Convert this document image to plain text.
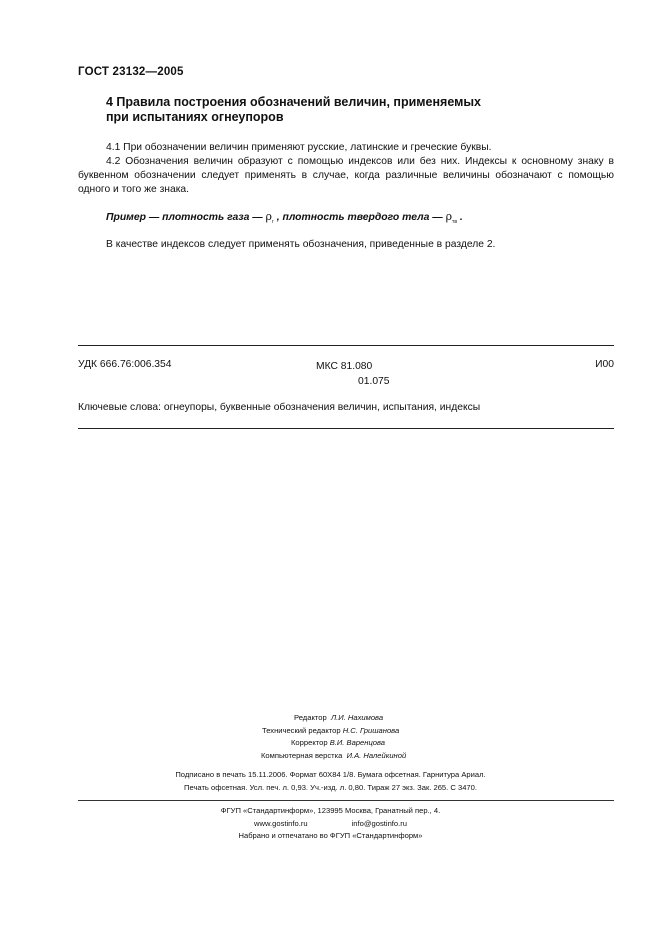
ГОСТ 23132—2005
4 Правила построения обозначений величин, применяемых
при испытаниях огнеупоров
4.1 При обозначении величин применяют русские, латинские и греческие буквы.
4.2 Обозначения величин образуют с помощью индексов или без них. Индексы к основному знаку в буквенном обозначении следует применять в случае, когда различные величины обозначают с помощью одного и того же знака.
Пример — плотность газа — $\rho_г$ , плотность твердого тела — $\rho_{тв}$ .
В качестве индексов следует применять обозначения, приведенные в разделе 2.
УДК 666.76:006.354	МКС 81.080
01.075
И00
Ключевые слова: огнеупоры, буквенные обозначения величин, испытания, индексы
Редактор Л.И. Нахимова
Технический редактор Н.С. Гришанова
Корректор В.И. Варенцова
Компьютерная верстка И.А. Налейкиной
Подписано в печать 15.11.2006. Формат 60Х84 1/8. Бумага офсетная. Гарнитура Ариал.
Печать офсетная. Усл. печ. л. 0,93. Уч.-изд. л. 0,80. Тираж 27 экз. Зак. 265. С 3470.
ФГУП «Стандартинформ», 123995 Москва, Гранатный пер., 4.
www.gostinfo.ru	info@gostinfo.ru
Набрано и отпечатано во ФГУП «Стандартинформ»
